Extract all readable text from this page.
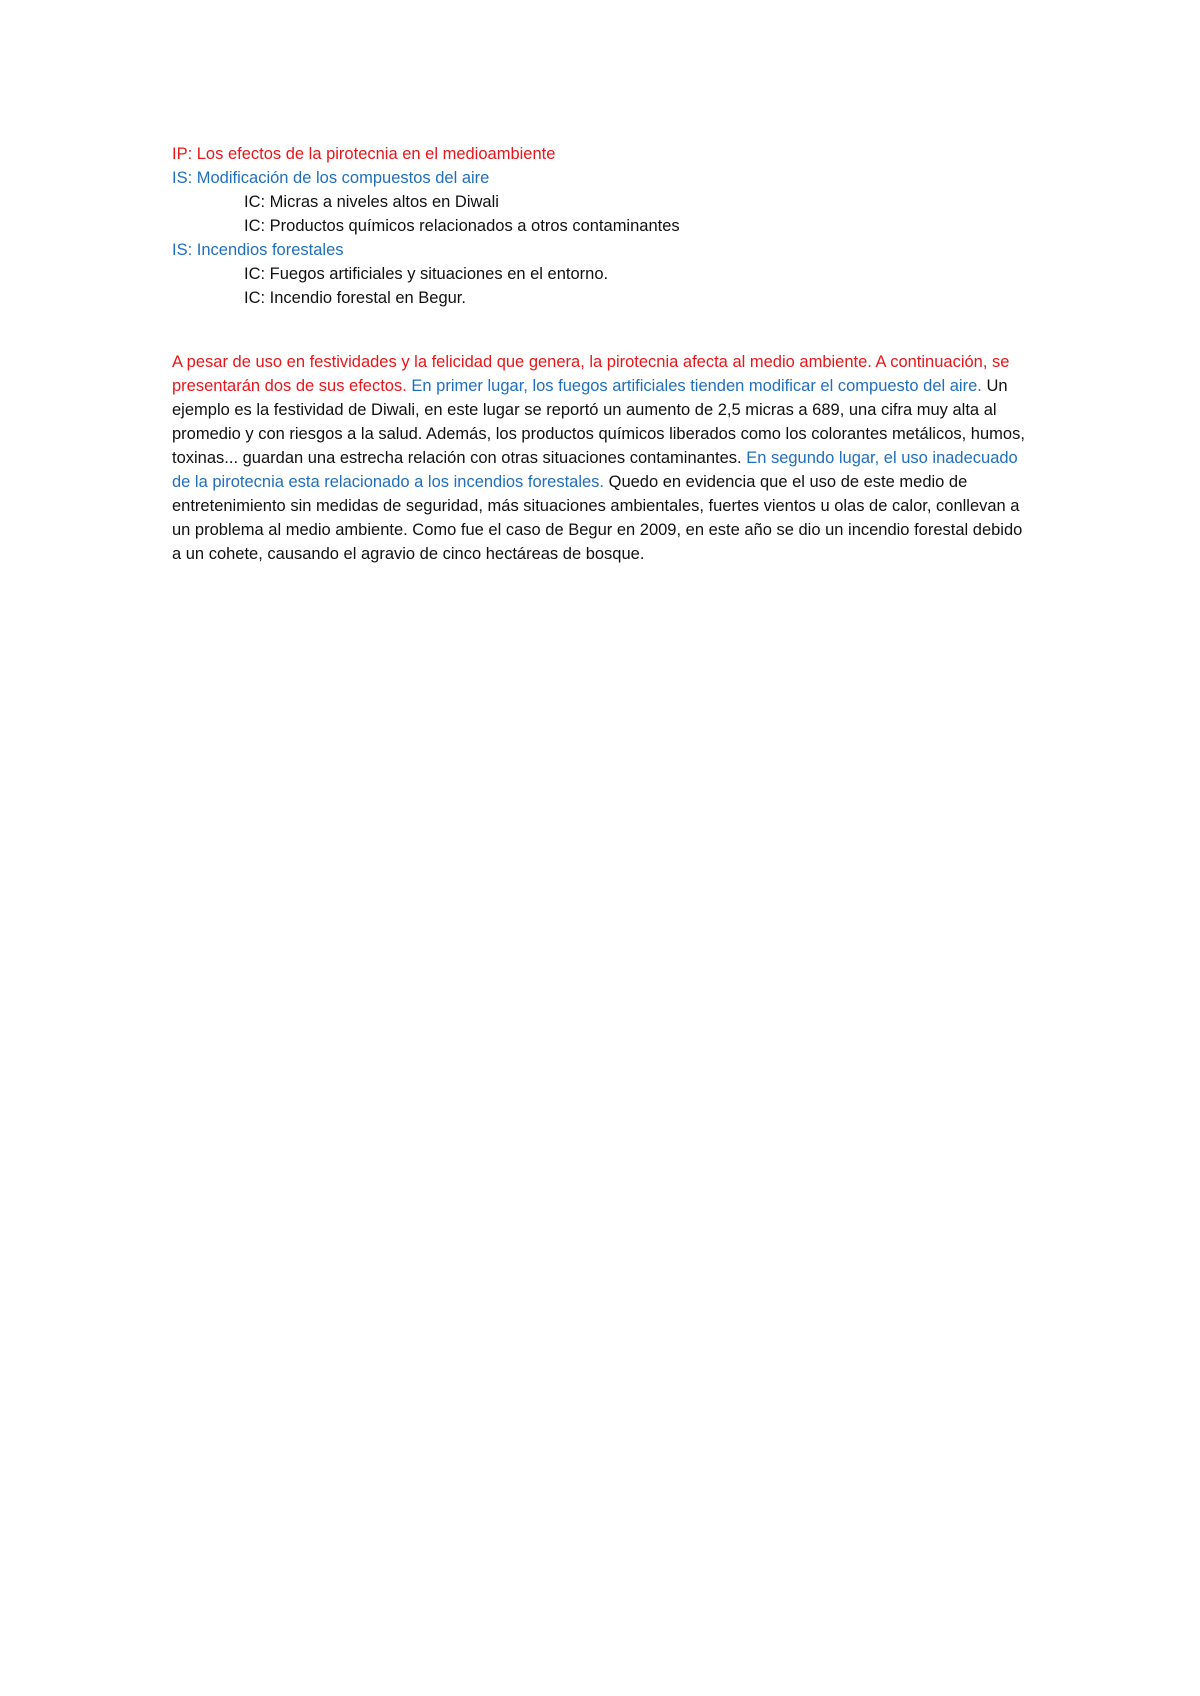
IP: Los efectos de la pirotecnia en el medioambiente
IS: Modificación de los compuestos del aire
IC: Micras a niveles altos en Diwali
IC: Productos químicos relacionados a otros contaminantes
IS: Incendios forestales
IC: Fuegos artificiales y situaciones en el entorno.
IC: Incendio forestal en Begur.
A pesar de uso en festividades y la felicidad que genera, la pirotecnia afecta al medio ambiente. A continuación, se presentarán dos de sus efectos. En primer lugar, los fuegos artificiales tienden modificar el compuesto del aire. Un ejemplo es la festividad de Diwali, en este lugar se reportó un aumento de 2,5 micras a 689, una cifra muy alta al promedio y con riesgos a la salud. Además, los productos químicos liberados como los colorantes metálicos, humos, toxinas... guardan una estrecha relación con otras situaciones contaminantes. En segundo lugar, el uso inadecuado de la pirotecnia esta relacionado a los incendios forestales. Quedo en evidencia que el uso de este medio de entretenimiento sin medidas de seguridad, más situaciones ambientales, fuertes vientos u olas de calor, conllevan a un problema al medio ambiente. Como fue el caso de Begur en 2009, en este año se dio un incendio forestal debido a un cohete, causando el agravio de cinco hectáreas de bosque.
